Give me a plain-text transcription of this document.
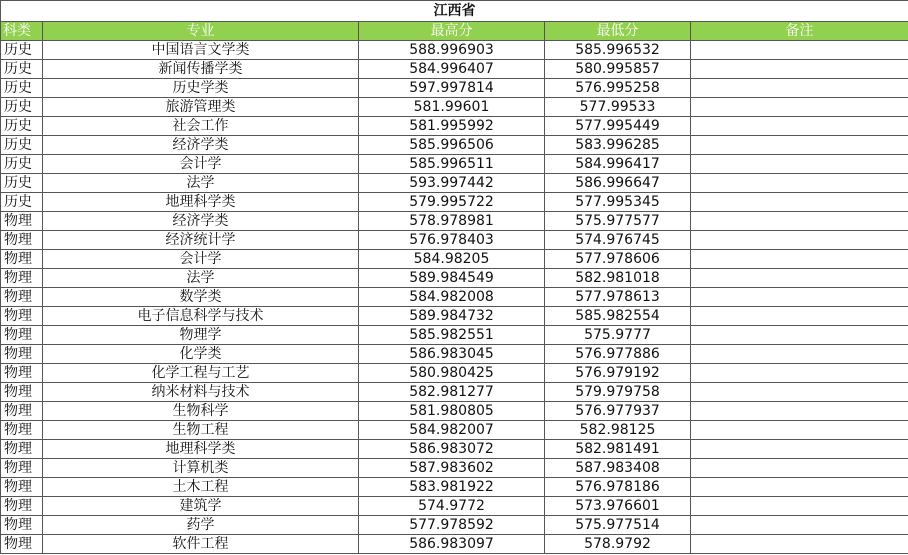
江西省				
科类	专业	最高分	最低分	备注
历史	中国语言文学类	588.996903	585.996532	
历史	新闻传播学类	584.996407	580.995857	
历史	历史学类	597.997814	576.995258	
历史	旅游管理类	581.99601	577.99533	
历史	社会工作	581.995992	577.995449	
历史	经济学类	585.996506	583.996285	
历史	会计学	585.996511	584.996417	
历史	法学	593.997442	586.996647	
历史	地理科学类	579.995722	577.995345	
物理	经济学类	578.978981	575.977577	
物理	经济统计学	576.978403	574.976745	
物理	会计学	584.98205	577.978606	
物理	法学	589.984549	582.981018	
物理	数学类	584.982008	577.978613	
物理	电子信息科学与技术	589.984732	585.982554	
物理	物理学	585.982551	575.9777	
物理	化学类	586.983045	576.977886	
物理	化学工程与工艺	580.980425	576.979192	
物理	纳米材料与技术	582.981277	579.979758	
物理	生物科学	581.980805	576.977937	
物理	生物工程	584.982007	582.98125	
物理	地理科学类	586.983072	582.981491	
物理	计算机类	587.983602	587.983408	
物理	土木工程	583.981922	576.978186	
物理	建筑学	574.9772	573.976601	
物理	药学	577.978592	575.977514	
物理	软件工程	586.983097	578.9792	
